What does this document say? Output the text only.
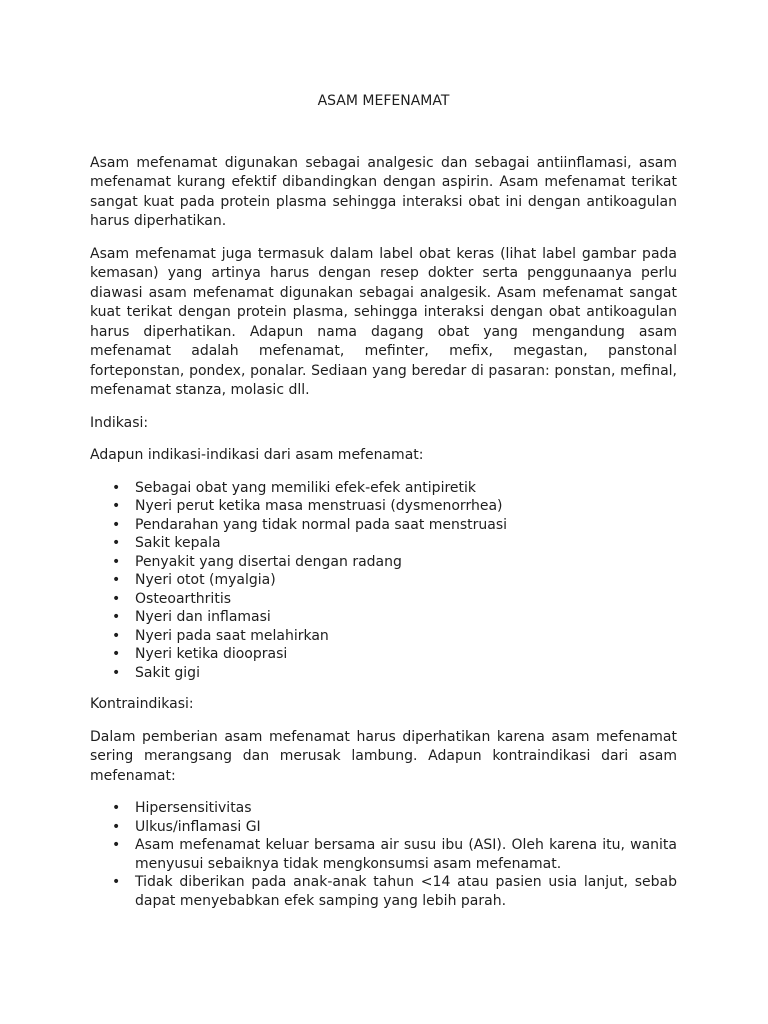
ASAM MEFENAMAT

Asam mefenamat digunakan sebagai analgesic dan sebagai antiinflamasi, asam mefenamat kurang efektif dibandingkan dengan aspirin. Asam mefenamat terikat sangat kuat pada protein plasma sehingga interaksi obat ini dengan antikoagulan harus diperhatikan.

Asam mefenamat juga termasuk dalam label obat keras (lihat label gambar pada kemasan) yang artinya harus dengan resep dokter serta penggunaanya perlu diawasi asam mefenamat digunakan sebagai analgesik. Asam mefenamat sangat kuat terikat dengan protein plasma, sehingga interaksi dengan obat antikoagulan harus diperhatikan. Adapun nama dagang obat yang mengandung asam mefenamat adalah mefenamat, mefinter, mefix, megastan, panstonal forteponstan, pondex, ponalar. Sediaan yang beredar di pasaran: ponstan, mefinal, mefenamat stanza, molasic dll.

Indikasi:

Adapun indikasi-indikasi dari asam mefenamat:

• Sebagai obat yang memiliki efek-efek antipiretik
• Nyeri perut ketika masa menstruasi (dysmenorrhea)
• Pendarahan yang tidak normal pada saat menstruasi
• Sakit kepala
• Penyakit yang disertai dengan radang
• Nyeri otot (myalgia)
• Osteoarthritis
• Nyeri dan inflamasi
• Nyeri pada saat melahirkan
• Nyeri ketika diooprasi
• Sakit gigi

Kontraindikasi:

Dalam pemberian asam mefenamat harus diperhatikan karena asam mefenamat sering merangsang dan merusak lambung. Adapun kontraindikasi dari asam mefenamat:

• Hipersensitivitas
• Ulkus/inflamasi GI
• Asam mefenamat keluar bersama air susu ibu (ASI). Oleh karena itu, wanita menyusui sebaiknya tidak mengkonsumsi asam mefenamat.
• Tidak diberikan pada anak-anak tahun <14 atau pasien usia lanjut, sebab dapat menyebabkan efek samping yang lebih parah.
